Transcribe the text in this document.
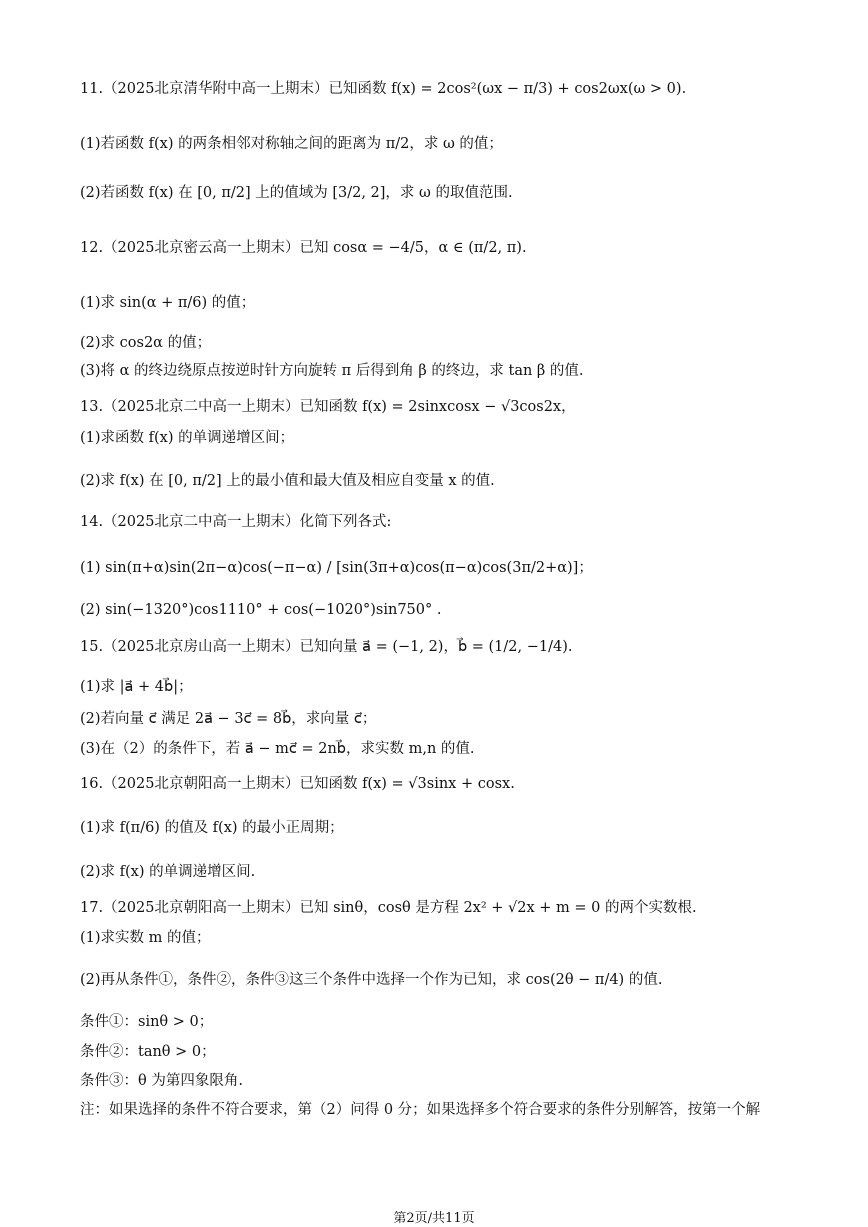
11.（2025北京清华附中高一上期末）已知函数 f(x) = 2cos²(ωx − π/3) + cos2ωx(ω > 0).
(1)若函数 f(x) 的两条相邻对称轴之间的距离为 π/2，求 ω 的值；
(2)若函数 f(x) 在 [0, π/2] 上的值域为 [3/2, 2]，求 ω 的取值范围.
12.（2025北京密云高一上期末）已知 cosα = −4/5，α ∈ (π/2, π).
(1)求 sin(α + π/6) 的值；
(2)求 cos2α 的值；
(3)将 α 的终边绕原点按逆时针方向旋转 π 后得到角 β 的终边，求 tan β 的值.
13.（2025北京二中高一上期末）已知函数 f(x) = 2sinxcosx − √3cos2x，
(1)求函数 f(x) 的单调递增区间；
(2)求 f(x) 在 [0, π/2] 上的最小值和最大值及相应自变量 x 的值.
14.（2025北京二中高一上期末）化简下列各式:
(1) sin(π+α)sin(2π−α)cos(−π−α) / [sin(3π+α)cos(π−α)cos(3π/2+α)]；
(2) sin(−1320°)cos1110° + cos(−1020°)sin750° .
15.（2025北京房山高一上期末）已知向量 a⃗ = (−1, 2)，b⃗ = (1/2, −1/4).
(1)求 |a⃗ + 4b⃗|；
(2)若向量 c⃗ 满足 2a⃗ − 3c⃗ = 8b⃗，求向量 c⃗；
(3)在（2）的条件下，若 a⃗ − mc⃗ = 2nb⃗，求实数 m,n 的值.
16.（2025北京朝阳高一上期末）已知函数 f(x) = √3sinx + cosx.
(1)求 f(π/6) 的值及 f(x) 的最小正周期；
(2)求 f(x) 的单调递增区间.
17.（2025北京朝阳高一上期末）已知 sinθ，cosθ 是方程 2x² + √2x + m = 0 的两个实数根.
(1)求实数 m 的值；
(2)再从条件①，条件②，条件③这三个条件中选择一个作为已知，求 cos(2θ − π/4) 的值.
条件①：sinθ > 0；
条件②：tanθ > 0；
条件③：θ 为第四象限角.
注：如果选择的条件不符合要求，第（2）问得 0 分；如果选择多个符合要求的条件分别解答，按第一个解
第2页/共11页
